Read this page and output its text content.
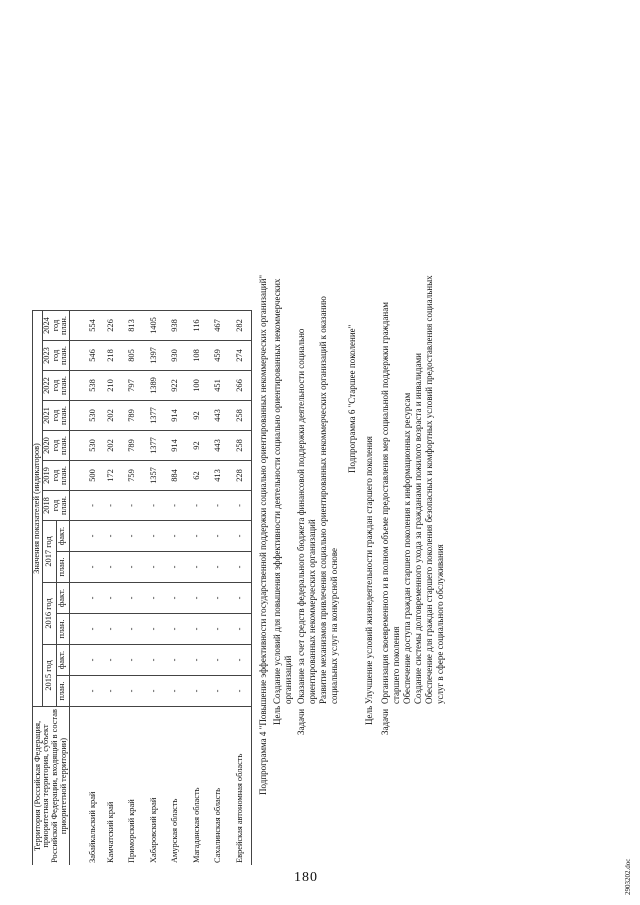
180
Территория (Российская Федерация, приоритетная территория, субъект Российской Федерации, входящий в состав приоритетной территории)	Значения показателей (индикаторов)												
	2015 год		2016 год		2017 год		2018 год план.	2019 год план.	2020 год план.	2021 год план.	2022 год план.	2023 год план.	2024 год план.
	план.	факт.	план.	факт.	план.	факт.							
Забайкальский край	-	-	-	-	-	-	-	500	530	530	538	546	554
Камчатский край	-	-	-	-	-	-	-	172	202	202	210	218	226
Приморский край	-	-	-	-	-	-	-	759	789	789	797	805	813
Хабаровский край	-	-	-	-	-	-	-	1357	1377	1377	1389	1397	1405
Амурская область	-	-	-	-	-	-	-	884	914	914	922	930	938
Магаданская область	-	-	-	-	-	-	-	62	92	92	100	108	116
Сахалинская область	-	-	-	-	-	-	-	413	443	443	451	459	467
Еврейская автономная область	-	-	-	-	-	-	-	228	258	258	266	274	282 Подпрограмма 4 "Повышение эффективности государственной поддержки социально ориентированных некоммерческих организаций" Цель
Создание условий для повышения эффективности деятельности социально ориентированных некоммерческих организаций
Задачи
Оказание за счет средств федерального бюджета финансовой поддержки деятельности социально ориентированных некоммерческих организаций Развитие механизмов привлечения социально ориентированных некоммерческих организаций к оказанию социальных услуг на конкурсной основе
Подпрограмма 6 "Старшее поколение"
Цель
Улучшение условий жизнедеятельности граждан старшего поколения
Задачи
Организация своевременного и в полном объеме предоставления мер социальной поддержки гражданам старшего поколения Обеспечение доступа граждан старшего поколения к информационных ресурсам Создание системы долговременного ухода за гражданами пожилого возраста и инвалидами Обеспечение для граждан старшего поколения безопасных и комфортных условий предоставления социальных услуг в сфере социального обслуживания
2903202.doc
